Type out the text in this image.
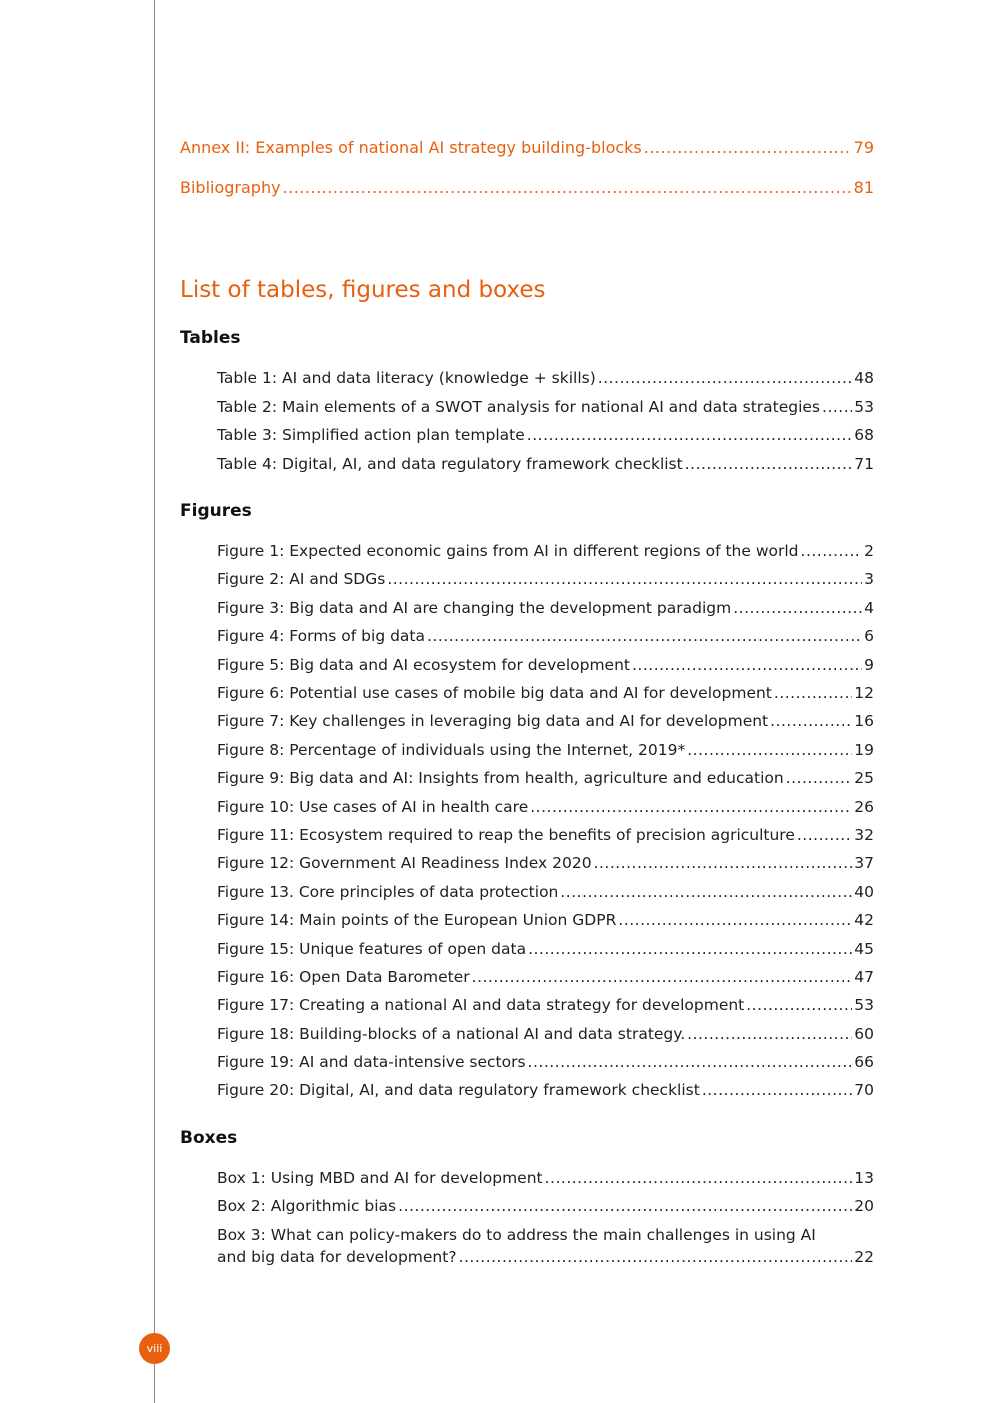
Annex II: Examples of national AI strategy building-blocks .....	79
Bibliography .....	81
List of tables, figures and boxes
Tables
Table 1: AI and data literacy (knowledge + skills) .....	48
Table 2: Main elements of a SWOT analysis for national AI and data strategies ..... 53
Table 3: Simplified action plan template .....	68
Table 4: Digital, AI, and data regulatory framework checklist .....	71
Figures
Figure 1: Expected economic gains from AI in different regions of the world .....	2
Figure 2: AI and SDGs .....	3
Figure 3: Big data and AI are changing the development paradigm .....	4
Figure 4: Forms of big data .....	6
Figure 5: Big data and AI ecosystem for development .....	9
Figure 6: Potential use cases of mobile big data and AI for development .....	12
Figure 7: Key challenges in leveraging big data and AI for development .....	16
Figure 8: Percentage of individuals using the Internet, 2019* .....	19
Figure 9: Big data and AI: Insights from health, agriculture and education .....	25
Figure 10: Use cases of AI in health care .....	26
Figure 11: Ecosystem required to reap the benefits of precision agriculture .....	32
Figure 12: Government AI Readiness Index 2020 .....	37
Figure 13. Core principles of data protection .....	40
Figure 14: Main points of the European Union GDPR .....	42
Figure 15: Unique features of open data .....	45
Figure 16: Open Data Barometer .....	47
Figure 17: Creating a national AI and data strategy for development .....	53
Figure 18: Building-blocks of a national AI and data strategy. .....	60
Figure 19: AI and data-intensive sectors .....	66
Figure 20: Digital, AI, and data regulatory framework checklist .....	70
Boxes
Box 1: Using MBD and AI for development .....	13
Box 2: Algorithmic bias .....	20
Box 3: What can policy-makers do to address the main challenges in using AI
and big data for development? .....	22
viii
